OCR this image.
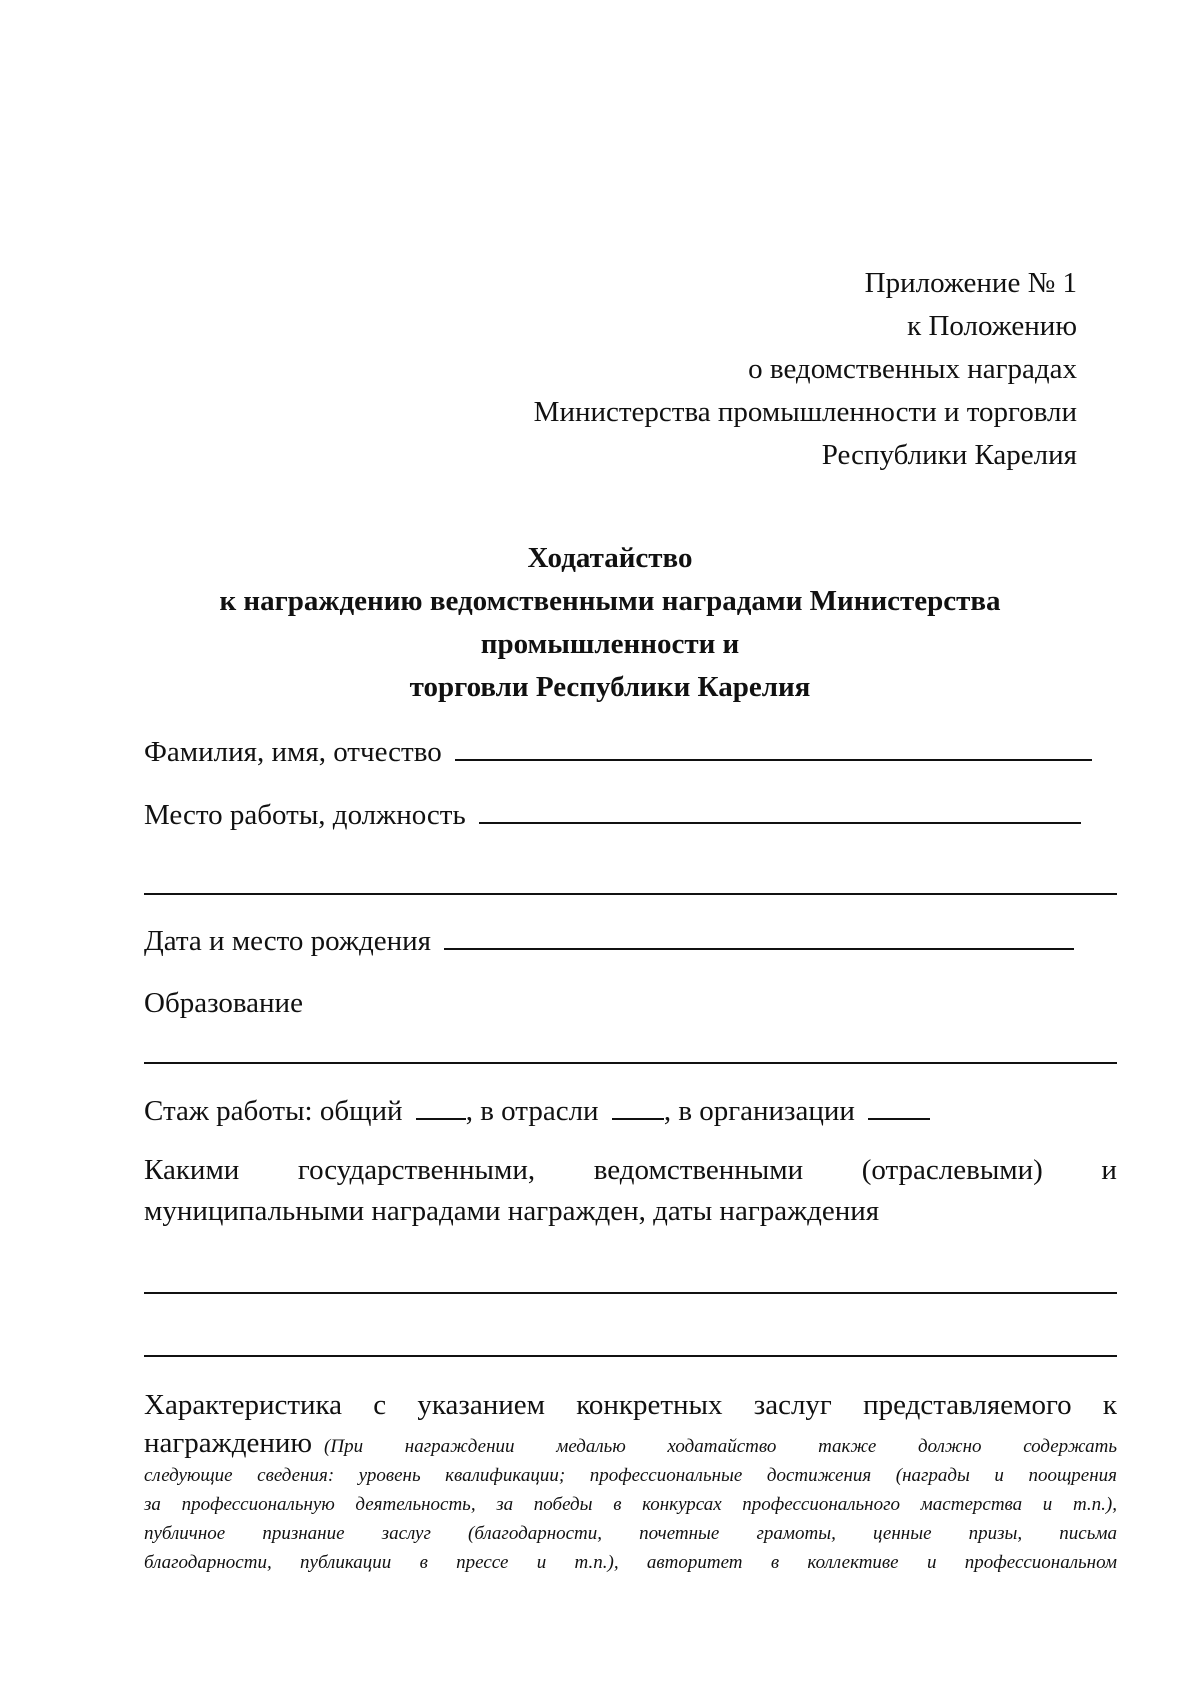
Приложение № 1
к Положению
о ведомственных наградах
Министерства промышленности и торговли
Республики Карелия
Ходатайство
к награждению ведомственными наградами Министерства
промышленности и
торговли Республики Карелия
Фамилия, имя, отчество
Место работы, должность
Дата и место рождения
Образование
Стаж работы: общий , в отрасли , в организации
Какими государственными, ведомственными (отраслевыми) и
муниципальными наградами награжден, даты награждения
Характеристика с указанием конкретных заслуг представляемого к
награждению (При награждении медалью ходатайство также должно содержать
следующие сведения: уровень квалификации; профессиональные достижения (награды и поощрения
за профессиональную деятельность, за победы в конкурсах профессионального мастерства и т.п.),
публичное признание заслуг (благодарности, почетные грамоты, ценные призы, письма
благодарности, публикации в прессе и т.п.), авторитет в коллективе и профессиональном
